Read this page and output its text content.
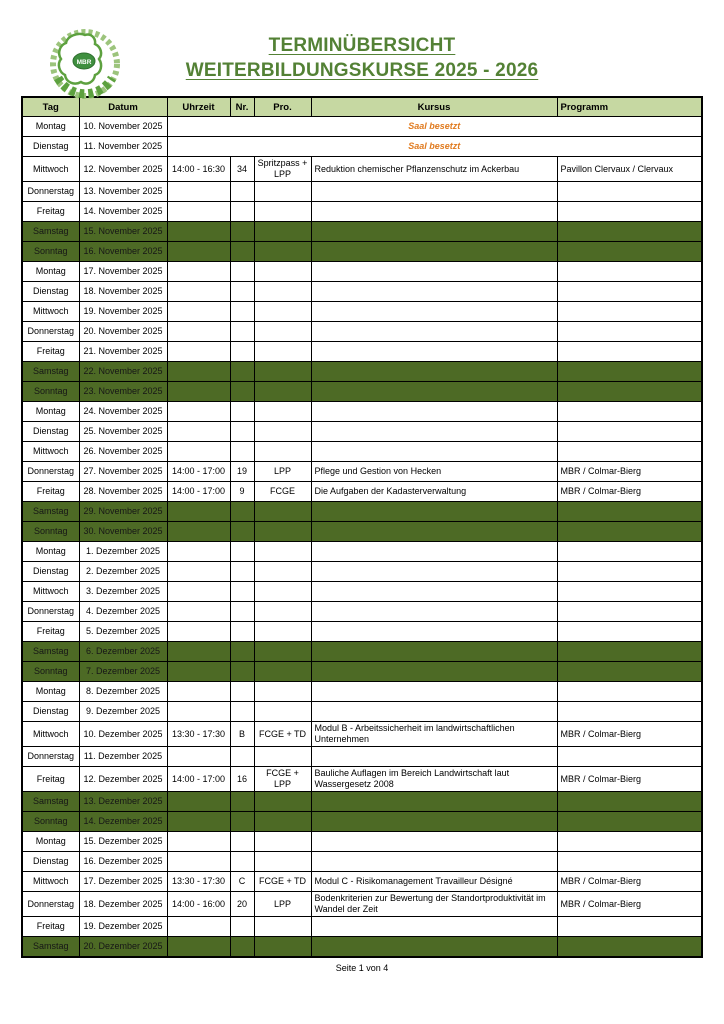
MBR
TERMINÜBERSICHT
WEITERBILDUNGSKURSE 2025 - 2026
Tag	Datum	Uhrzeit	Nr.	Pro.	Kursus	Programm
Montag	10. November 2025	Saal besetzt				
Dienstag	11. November 2025	Saal besetzt				
Mittwoch	12. November 2025	14:00 - 16:30	34	Spritzpass + LPP	Reduktion chemischer Pflanzenschutz im Ackerbau	Pavillon Clervaux / Clervaux
Donnerstag	13. November 2025					
Freitag	14. November 2025					
Samstag	15. November 2025					
Sonntag	16. November 2025					
Montag	17. November 2025					
Dienstag	18. November 2025					
Mittwoch	19. November 2025					
Donnerstag	20. November 2025					
Freitag	21. November 2025					
Samstag	22. November 2025					
Sonntag	23. November 2025					
Montag	24. November 2025					
Dienstag	25. November 2025					
Mittwoch	26. November 2025					
Donnerstag	27. November 2025	14:00 - 17:00	19	LPP	Pflege und Gestion von Hecken	MBR / Colmar-Bierg
Freitag	28. November 2025	14:00 - 17:00	9	FCGE	Die Aufgaben der Kadasterverwaltung	MBR / Colmar-Bierg
Samstag	29. November 2025					
Sonntag	30. November 2025					
Montag	1. Dezember 2025					
Dienstag	2. Dezember 2025					
Mittwoch	3. Dezember 2025					
Donnerstag	4. Dezember 2025					
Freitag	5. Dezember 2025					
Samstag	6. Dezember 2025					
Sonntag	7. Dezember 2025					
Montag	8. Dezember 2025					
Dienstag	9. Dezember 2025					
Mittwoch	10. Dezember 2025	13:30 - 17:30	B	FCGE + TD	Modul B - Arbeitssicherheit im landwirtschaftlichen Unternehmen	MBR / Colmar-Bierg
Donnerstag	11. Dezember 2025					
Freitag	12. Dezember 2025	14:00 - 17:00	16	FCGE + LPP	Bauliche Auflagen im Bereich Landwirtschaft laut Wassergesetz 2008	MBR / Colmar-Bierg
Samstag	13. Dezember 2025					
Sonntag	14. Dezember 2025					
Montag	15. Dezember 2025					
Dienstag	16. Dezember 2025					
Mittwoch	17. Dezember 2025	13:30 - 17:30	C	FCGE + TD	Modul C - Risikomanagement Travailleur Désigné	MBR / Colmar-Bierg
Donnerstag	18. Dezember 2025	14:00 - 16:00	20	LPP	Bodenkriterien zur Bewertung der Standortproduktivität im Wandel der Zeit	MBR / Colmar-Bierg
Freitag	19. Dezember 2025					
Samstag	20. Dezember 2025					
Seite 1 von 4
